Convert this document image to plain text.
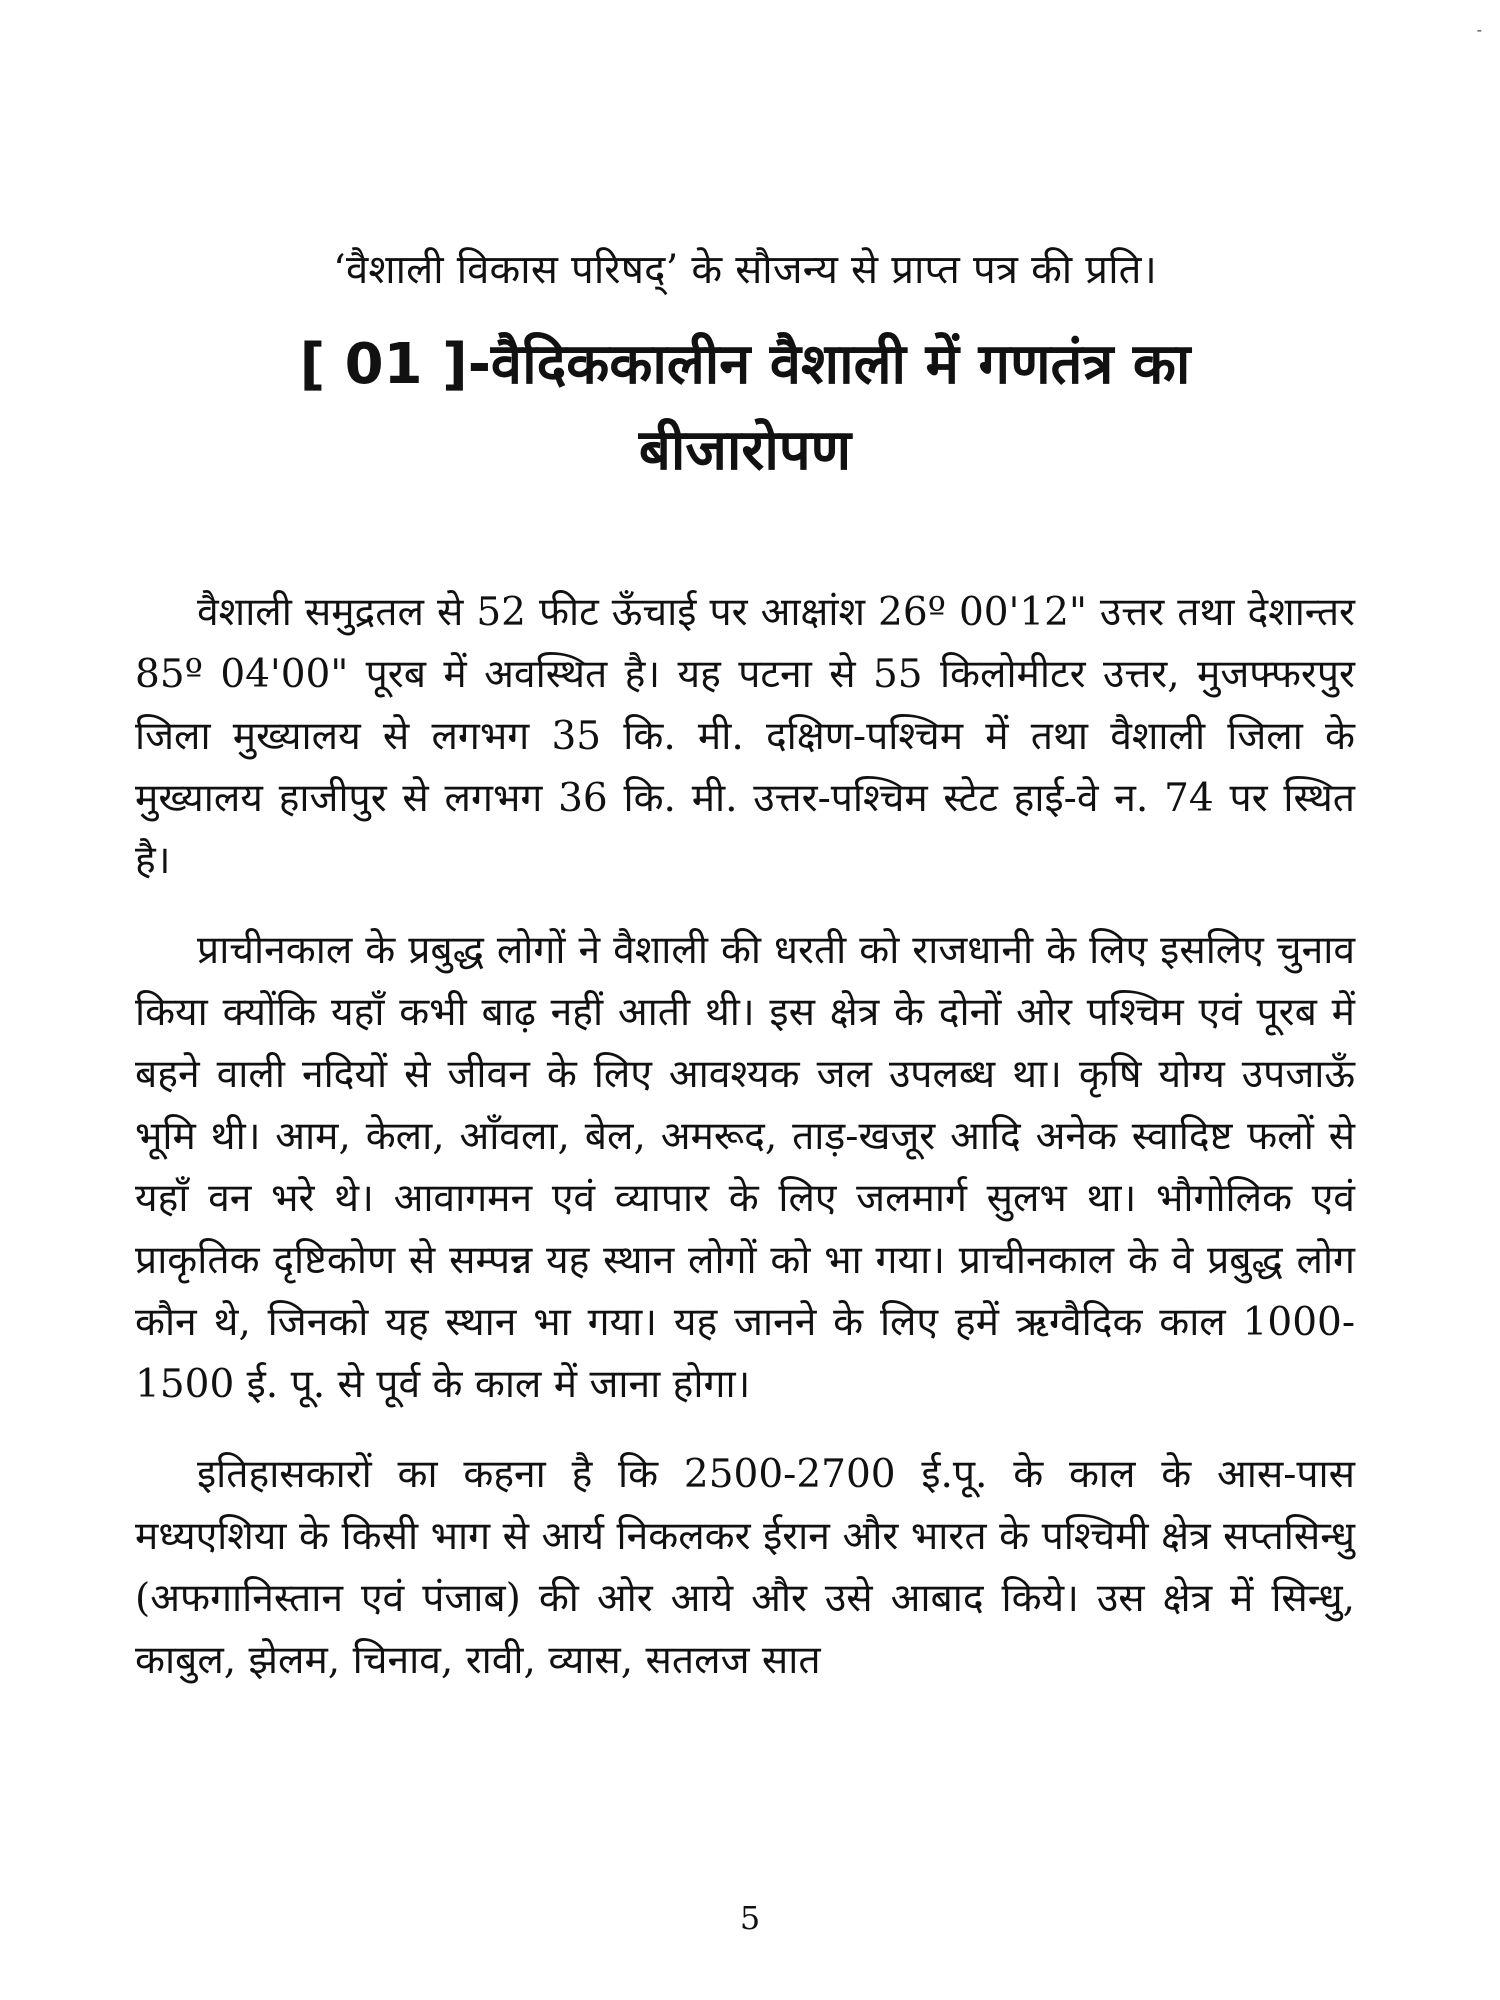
-

‘वैशाली विकास परिषद्’ के सौजन्य से प्राप्त पत्र की प्रति।

[ 01 ]-वैदिककालीन वैशाली में गणतंत्र का
बीजारोपण

वैशाली समुद्रतल से 52 फीट ऊँचाई पर आक्षांश 26º 00'12" उत्तर तथा देशान्तर 85º 04'00" पूरब में अवस्थित है। यह पटना से 55 किलोमीटर उत्तर, मुजफ्फरपुर जिला मुख्यालय से लगभग 35 कि. मी. दक्षिण-पश्चिम में तथा वैशाली जिला के मुख्यालय हाजीपुर से लगभग 36 कि. मी. उत्तर-पश्चिम स्टेट हाई-वे न. 74 पर स्थित है।

प्राचीनकाल के प्रबुद्ध लोगों ने वैशाली की धरती को राजधानी के लिए इसलिए चुनाव किया क्योंकि यहाँ कभी बाढ़ नहीं आती थी। इस क्षेत्र के दोनों ओर पश्चिम एवं पूरब में बहने वाली नदियों से जीवन के लिए आवश्यक जल उपलब्ध था। कृषि योग्य उपजाऊँ भूमि थी। आम, केला, आँवला, बेल, अमरूद, ताड़-खजूर आदि अनेक स्वादिष्ट फलों से यहाँ वन भरे थे। आवागमन एवं व्यापार के लिए जलमार्ग सुलभ था। भौगोलिक एवं प्राकृतिक दृष्टिकोण से सम्पन्न यह स्थान लोगों को भा गया। प्राचीनकाल के वे प्रबुद्ध लोग कौन थे, जिनको यह स्थान भा गया। यह जानने के लिए हमें ऋग्वैदिक काल 1000-1500 ई. पू. से पूर्व के काल में जाना होगा।

इतिहासकारों का कहना है कि 2500-2700 ई.पू. के काल के आस-पास मध्यएशिया के किसी भाग से आर्य निकलकर ईरान और भारत के पश्चिमी क्षेत्र सप्तसिन्धु (अफगानिस्तान एवं पंजाब) की ओर आये और उसे आबाद किये। उस क्षेत्र में सिन्धु, काबुल, झेलम, चिनाव, रावी, व्यास, सतलज सात

5
